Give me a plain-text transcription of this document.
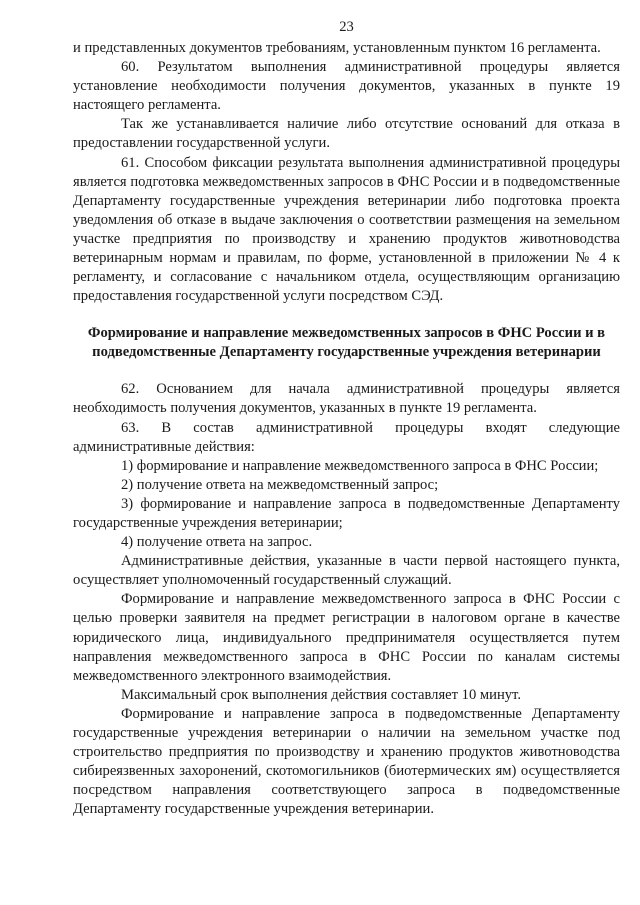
23

и представленных документов требованиям, установленным пунктом 16 регламента.

60. Результатом выполнения административной процедуры является установление необходимости получения документов, указанных в пункте 19 настоящего регламента.

Так же устанавливается наличие либо отсутствие оснований для отказа в предоставлении государственной услуги.

61. Способом фиксации результата выполнения административной процедуры является подготовка межведомственных запросов в ФНС России и в подведомственные Департаменту государственные учреждения ветеринарии либо подготовка проекта уведомления об отказе в выдаче заключения о соответствии размещения на земельном участке предприятия по производству и хранению продуктов животноводства ветеринарным нормам и правилам, по форме, установленной в приложении № 4 к регламенту, и согласование с начальником отдела, осуществляющим организацию предоставления государственной услуги посредством СЭД.

Формирование и направление межведомственных запросов в ФНС России и в подведомственные Департаменту государственные учреждения ветеринарии

62. Основанием для начала административной процедуры является необходимость получения документов, указанных в пункте 19 регламента.

63. В состав административной процедуры входят следующие административные действия:

1) формирование и направление межведомственного запроса в ФНС России;

2) получение ответа на межведомственный запрос;

3) формирование и направление запроса в подведомственные Департаменту государственные учреждения ветеринарии;

4) получение ответа на запрос.

Административные действия, указанные в части первой настоящего пункта, осуществляет уполномоченный государственный служащий.

Формирование и направление межведомственного запроса в ФНС России с целью проверки заявителя на предмет регистрации в налоговом органе в качестве юридического лица, индивидуального предпринимателя осуществляется путем направления межведомственного запроса в ФНС России по каналам системы межведомственного электронного взаимодействия.

Максимальный срок выполнения действия составляет 10 минут.

Формирование и направление запроса в подведомственные Департаменту государственные учреждения ветеринарии о наличии на земельном участке под строительство предприятия по производству и хранению продуктов животноводства сибиреязвенных захоронений, скотомогильников (биотермических ям) осуществляется посредством направления соответствующего запроса в подведомственные Департаменту государственные учреждения ветеринарии.
